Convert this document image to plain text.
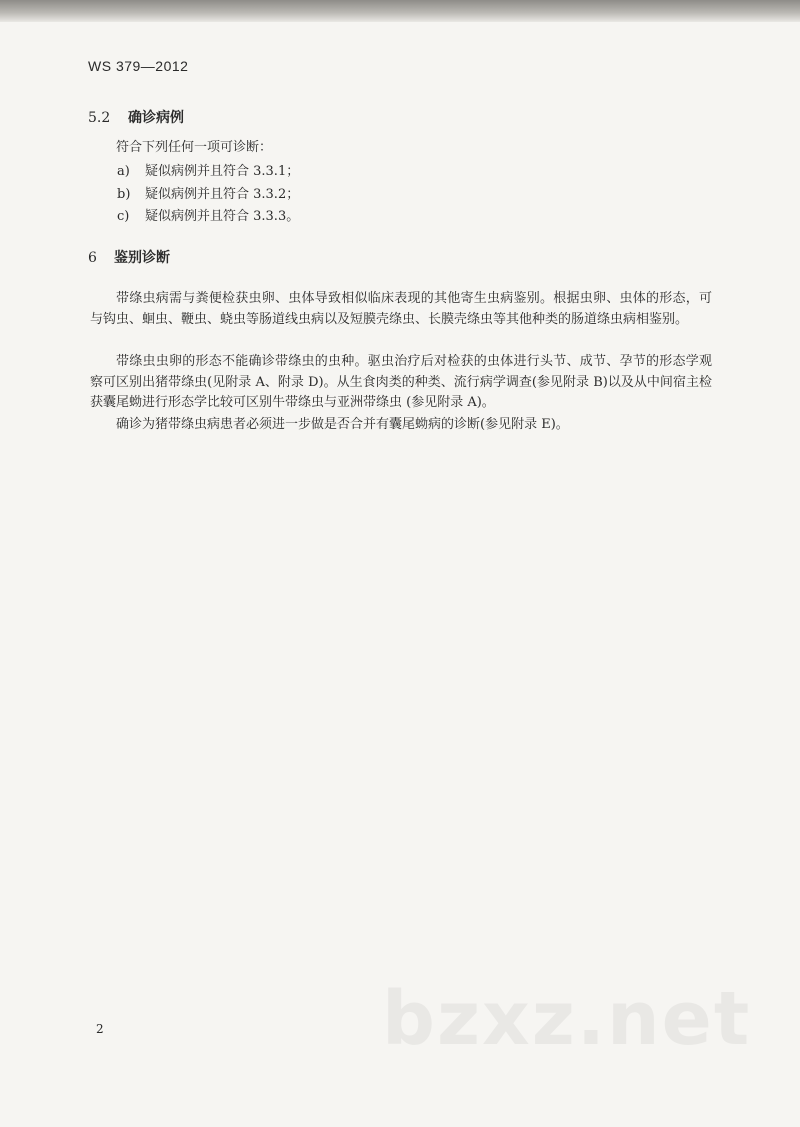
WS 379—2012
5.2 确诊病例
符合下列任何一项可诊断：
a) 疑似病例并且符合 3.3.1；
b) 疑似病例并且符合 3.3.2；
c) 疑似病例并且符合 3.3.3。
6 鉴别诊断
带绦虫病需与粪便检获虫卵、虫体导致相似临床表现的其他寄生虫病鉴别。根据虫卵、虫体的形态，可与钩虫、蛔虫、鞭虫、蛲虫等肠道线虫病以及短膜壳绦虫、长膜壳绦虫等其他种类的肠道绦虫病相鉴别。
带绦虫虫卵的形态不能确诊带绦虫的虫种。驱虫治疗后对检获的虫体进行头节、成节、孕节的形态学观察可区别出猪带绦虫(见附录 A、附录 D)。从生食肉类的种类、流行病学调查(参见附录 B)以及从中间宿主检获囊尾蚴进行形态学比较可区别牛带绦虫与亚洲带绦虫 (参见附录 A)。
确诊为猪带绦虫病患者必须进一步做是否合并有囊尾蚴病的诊断(参见附录 E)。
2	bzxz.net
